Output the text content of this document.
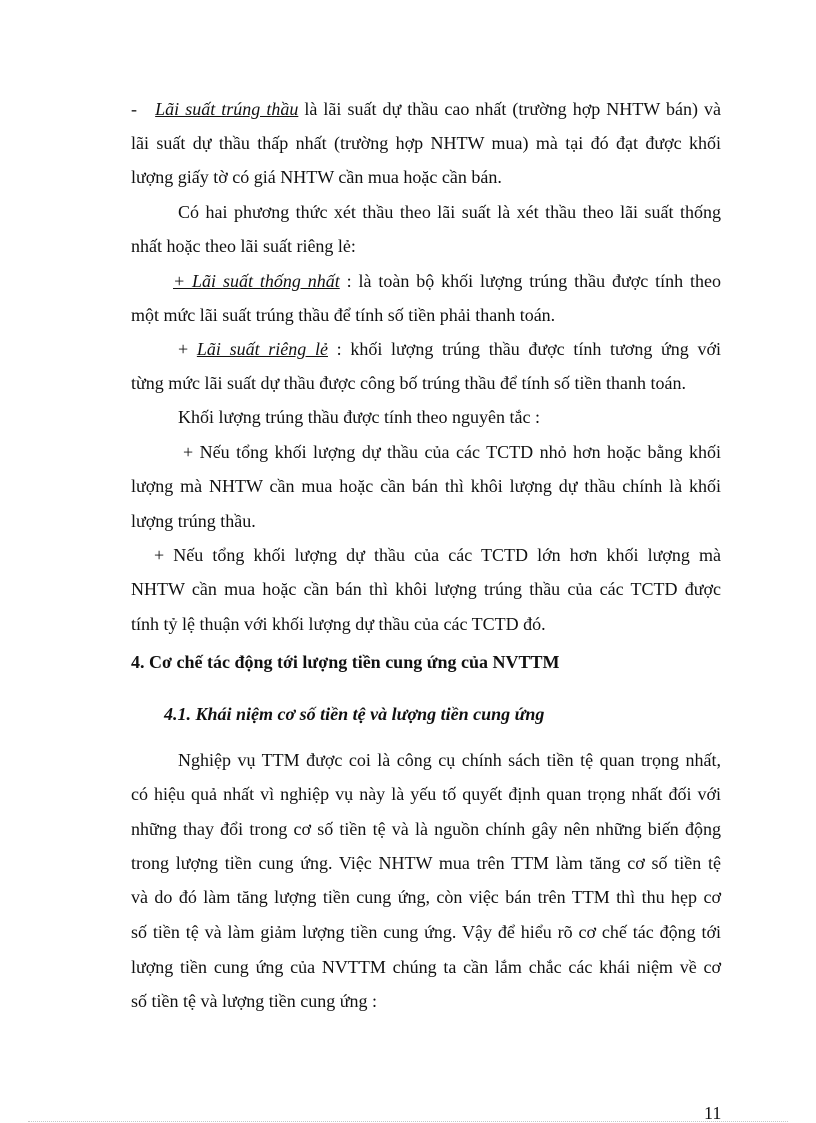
- Lãi suất trúng thầu là lãi suất dự thầu cao nhất (trường hợp NHTW bán) và
lãi suất dự thầu thấp nhất (trường hợp NHTW mua) mà tại đó đạt được khối
lượng giấy tờ có giá NHTW cần mua hoặc cần bán.
Có hai phương thức xét thầu theo lãi suất là xét thầu theo lãi suất thống
nhất hoặc theo lãi suất riêng lẻ:
+ Lãi suất thống nhất : là toàn bộ khối lượng trúng thầu được tính theo
một mức lãi suất trúng thầu để tính số tiền phải thanh toán.
+ Lãi suất riêng lẻ : khối lượng trúng thầu được tính tương ứng với
từng mức lãi suất dự thầu được công bố trúng thầu để tính số tiền thanh toán.
Khối lượng trúng thầu được tính theo nguyên tắc :
+ Nếu tổng khối lượng dự thầu của các TCTD nhỏ hơn hoặc bằng khối
lượng mà NHTW cần mua hoặc cần bán thì khôi lượng dự thầu chính là khối
lượng trúng thầu.
+ Nếu tổng khối lượng dự thầu của các TCTD lớn hơn khối lượng mà
NHTW cần mua hoặc cần bán thì khôi lượng trúng thầu của các TCTD được
tính tỷ lệ thuận với khối lượng dự thầu của các TCTD đó.
4. Cơ chế tác động tới lượng tiền cung ứng của NVTTM
4.1. Khái niệm cơ số tiền tệ và lượng tiền cung ứng
Nghiệp vụ TTM được coi là công cụ chính sách tiền tệ quan trọng nhất,
có hiệu quả nhất vì nghiệp vụ này là yếu tố quyết định quan trọng nhất đối với
những thay đổi trong cơ số tiền tệ và là nguồn chính gây nên những biến động
trong lượng tiền cung ứng. Việc NHTW mua trên TTM làm tăng cơ số tiền tệ
và do đó làm tăng lượng tiền cung ứng, còn việc bán trên TTM thì thu hẹp cơ
số tiền tệ và làm giảm lượng tiền cung ứng. Vậy để hiểu rõ cơ chế tác động tới
lượng tiền cung ứng của NVTTM chúng ta cần lắm chắc các khái niệm về cơ
số tiền tệ và lượng tiền cung ứng :
11
